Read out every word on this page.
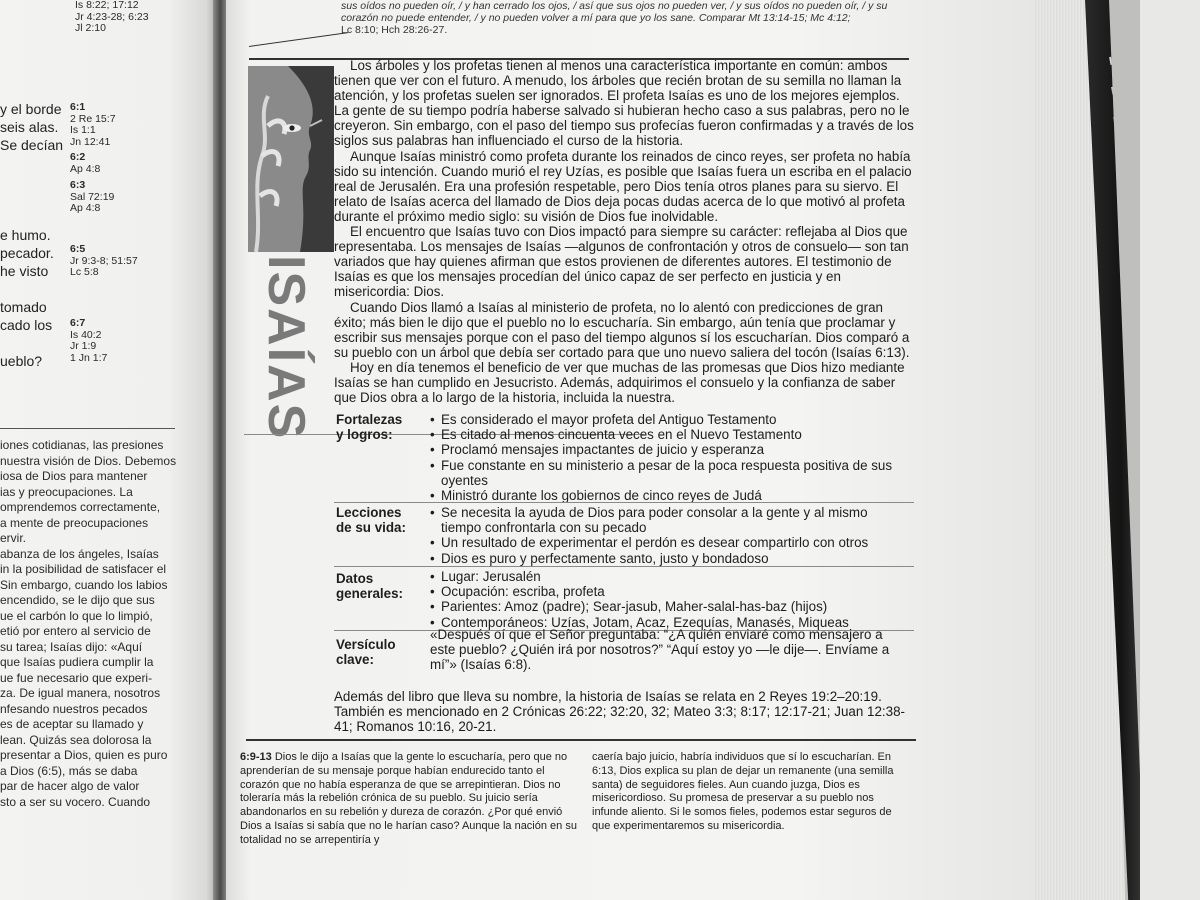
Is 8:22; 17:12
Jr 4:23-28; 6:23
Jl 2:10
y el borde
seis alas.
Se decían
e humo.
pecador.
he visto
tomado
cado los
ueblo?
6:1
2 Re 15:7
Is 1:1
Jn 12:41
6:2
Ap 4:8
6:3
Sal 72:19
Ap 4:8
6:5
Jr 9:3-8; 51:57
Lc 5:8
6:7
Is 40:2
Jr 1:9
1 Jn 1:7
iones cotidianas, las presiones
nuestra visión de Dios. Debemos
iosa de Dios para mantener
ias y preocupaciones. La
omprendemos correctamente,
a mente de preocupaciones
ervir.
abanza de los ángeles, Isaías
in la posibilidad de satisfacer el
Sin embargo, cuando los labios
encendido, se le dijo que sus
ue el carbón lo que lo limpió,
etió por entero al servicio de
su tarea; Isaías dijo: «Aquí
que Isaías pudiera cumplir la
ue fue necesario que experi-
za. De igual manera, nosotros
nfesando nuestros pecados
es de aceptar su llamado y
lean. Quizás sea dolorosa la
presentar a Dios, quien es puro
a Dios (6:5), más se daba
par de hacer algo de valor
sto a ser su vocero. Cuando
sus oídos no pueden oír, / y han cerrado los ojos, / así que sus ojos no pueden ver, / y sus oídos no pueden oír, / y su
corazón no puede entender, / y no pueden volver a mí para que yo los sane. Comparar Mt 13:14-15; Mc 4:12;
Lc 8:10; Hch 28:26-27.
ISAÍAS

Los árboles y los profetas tienen al menos una característica importante en común: ambos tienen que ver con el futuro. A menudo, los árboles que recién brotan de su semilla no llaman la atención, y los profetas suelen ser ignorados. El profeta Isaías es uno de los mejores ejemplos. La gente de su tiempo podría haberse salvado si hubieran hecho caso a sus palabras, pero no le creyeron. Sin embargo, con el paso del tiempo sus profecías fueron confirmadas y a través de los siglos sus palabras han influenciado el curso de la historia.

Aunque Isaías ministró como profeta durante los reinados de cinco reyes, ser profeta no había sido su intención. Cuando murió el rey Uzías, es posible que Isaías fuera un escriba en el palacio real de Jerusalén. Era una profesión respetable, pero Dios tenía otros planes para su siervo. El relato de Isaías acerca del llamado de Dios deja pocas dudas acerca de lo que motivó al profeta durante el próximo medio siglo: su visión de Dios fue inolvidable.

El encuentro que Isaías tuvo con Dios impactó para siempre su carácter: reflejaba al Dios que representaba. Los mensajes de Isaías —algunos de confrontación y otros de consuelo— son tan variados que hay quienes afirman que estos provienen de diferentes autores. El testimonio de Isaías es que los mensajes procedían del único capaz de ser perfecto en justicia y en misericordia: Dios.

Cuando Dios llamó a Isaías al ministerio de profeta, no lo alentó con predicciones de gran éxito; más bien le dijo que el pueblo no lo escucharía. Sin embargo, aún tenía que proclamar y escribir sus mensajes porque con el paso del tiempo algunos sí los escucharían. Dios comparó a su pueblo con un árbol que debía ser cortado para que uno nuevo saliera del tocón (Isaías 6:13).

Hoy en día tenemos el beneficio de ver que muchas de las promesas que Dios hizo mediante Isaías se han cumplido en Jesucristo. Además, adquirimos el consuelo y la confianza de saber que Dios obra a lo largo de la historia, incluida la nuestra.

Fortalezas
y logros:
• Es considerado el mayor profeta del Antiguo Testamento
• Es citado al menos cincuenta veces en el Nuevo Testamento
• Proclamó mensajes impactantes de juicio y esperanza
• Fue constante en su ministerio a pesar de la poca respuesta positiva de sus oyentes
• Ministró durante los gobiernos de cinco reyes de Judá
Lecciones
de su vida:
• Se necesita la ayuda de Dios para poder consolar a la gente y al mismo tiempo confrontarla con su pecado
• Un resultado de experimentar el perdón es desear compartirlo con otros
• Dios es puro y perfectamente santo, justo y bondadoso
Datos
generales:
• Lugar: Jerusalén
• Ocupación: escriba, profeta
• Parientes: Amoz (padre); Sear-jasub, Maher-salal-has-baz (hijos)
• Contemporáneos: Uzías, Jotam, Acaz, Ezequías, Manasés, Miqueas
Versículo
clave:
«Después oí que el Señor preguntaba: “¿A quién enviaré como mensajero a este pueblo? ¿Quién irá por nosotros?” “Aquí estoy yo —le dije—. Envíame a mí”» (Isaías 6:8).
Además del libro que lleva su nombre, la historia de Isaías se relata en 2 Reyes 19:2–20:19. También es mencionado en 2 Crónicas 26:22; 32:20, 32; Mateo 3:3; 8:17; 12:17-21; Juan 12:38-41; Romanos 10:16, 20-21.
6:9-13 Dios le dijo a Isaías que la gente lo escucharía, pero que no aprenderían de su mensaje porque habían endurecido tanto el corazón que no había esperanza de que se arrepintieran. Dios no toleraría más la rebelión crónica de su pueblo. Su juicio sería abandonarlos en su rebelión y dureza de corazón. ¿Por qué envió Dios a Isaías si sabía que no le harían caso? Aunque la nación en su totalidad no se arrepentiría y
caería bajo juicio, habría individuos que sí lo escucharían. En 6:13, Dios explica su plan de dejar un remanente (una semilla santa) de seguidores fieles. Aun cuando juzga, Dios es misericordioso. Su promesa de preservar a su pueblo nos infunde aliento. Si le somos fieles, podemos estar seguros de que experimentaremos su misericordia.
